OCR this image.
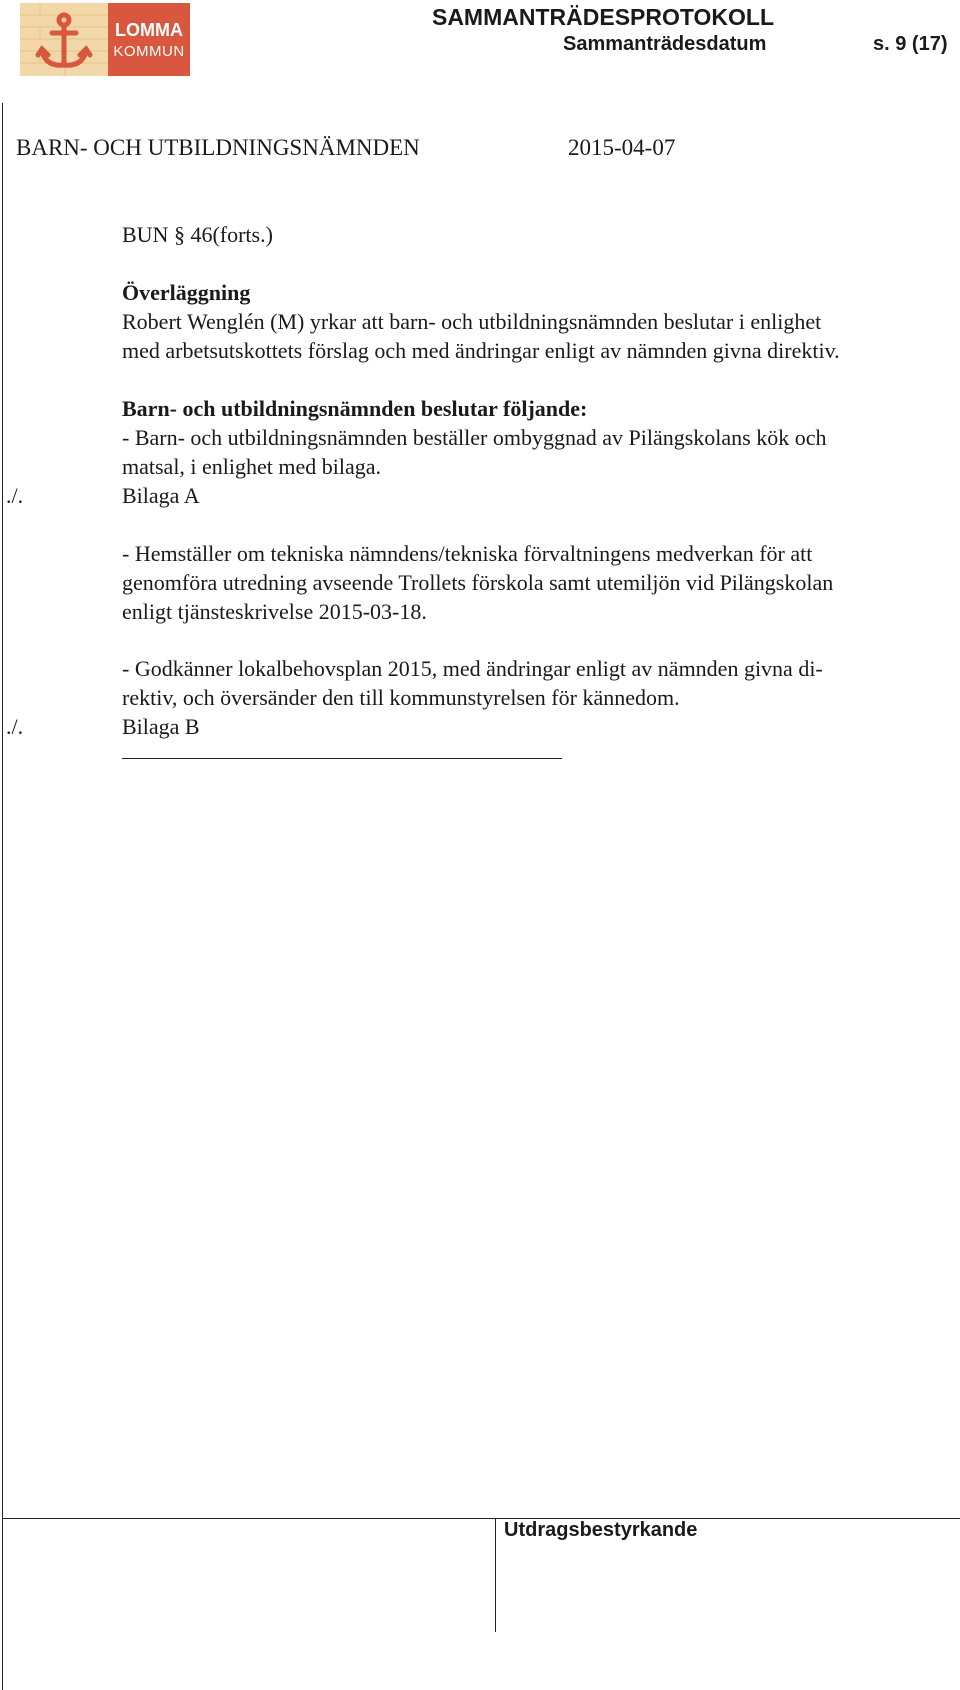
LOMMA
KOMMUN
SAMMANTRÄDESPROTOKOLL
Sammanträdesdatum	s. 9 (17)
BARN- OCH UTBILDNINGSNÄMNDEN	2015-04-07
BUN § 46(forts.)
Överläggning
Robert Wenglén (M) yrkar att barn- och utbildningsnämnden beslutar i enlighet
med arbetsutskottets förslag och med ändringar enligt av nämnden givna direktiv.
Barn- och utbildningsnämnden beslutar följande:
- Barn- och utbildningsnämnden beställer ombyggnad av Pilängskolans kök och
matsal, i enlighet med bilaga.
./.	Bilaga A
- Hemställer om tekniska nämndens/tekniska förvaltningens medverkan för att
genomföra utredning avseende Trollets förskola samt utemiljön vid Pilängskolan
enligt tjänsteskrivelse 2015-03-18.
- Godkänner lokalbehovsplan 2015, med ändringar enligt av nämnden givna di-
rektiv, och översänder den till kommunstyrelsen för kännedom.
./.	Bilaga B
Utdragsbestyrkande
